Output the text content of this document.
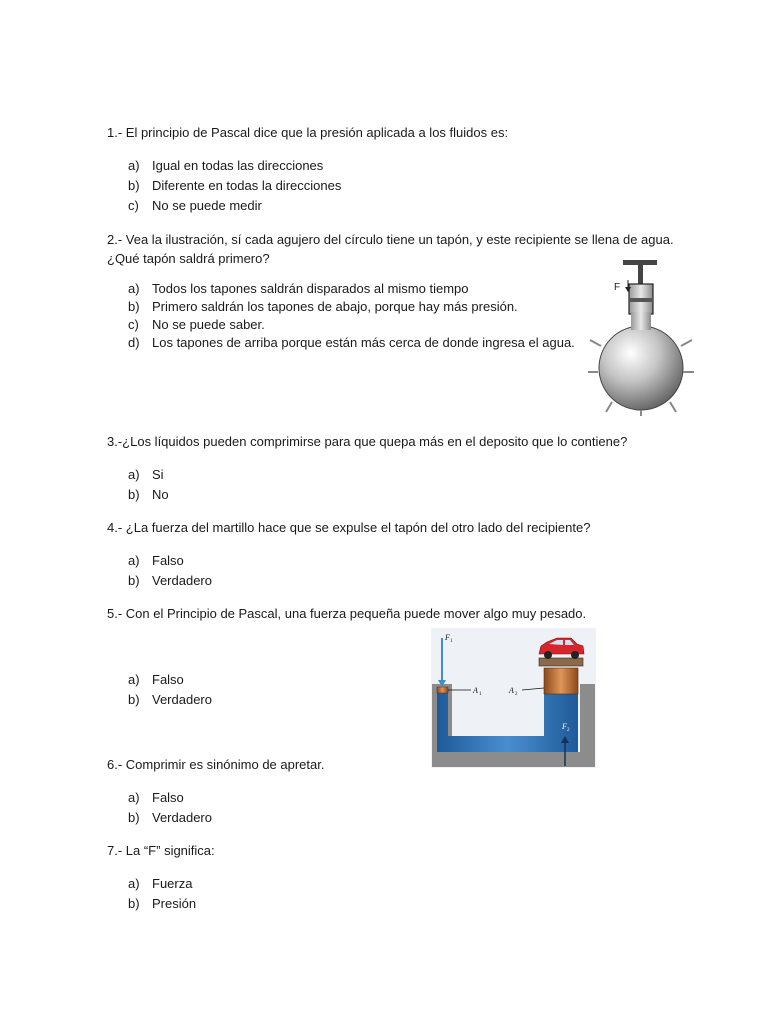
1.- El principio de Pascal dice que la presión aplicada a los fluidos es:
a) Igual en todas las direcciones
b) Diferente en todas la direcciones
c) No se puede medir
2.- Vea la ilustración, sí cada agujero del círculo tiene un tapón, y este recipiente se llena de agua.
¿Qué tapón saldrá primero?
a) Todos los tapones saldrán disparados al mismo tiempo
b) Primero saldrán los tapones de abajo, porque hay más presión.
c) No se puede saber.
d) Los tapones de arriba porque están más cerca de donde ingresa el agua.
F
3.-¿Los líquidos pueden comprimirse para que quepa más en el deposito que lo contiene?
a) Si
b) No
4.- ¿La fuerza del martillo hace que se expulse el tapón del otro lado del recipiente?
a) Falso
b) Verdadero
5.- Con el Principio de Pascal, una fuerza pequeña puede mover algo muy pesado.
a) Falso
b) Verdadero
F 1
A 1	A 2
F 2
6.- Comprimir es sinónimo de apretar.
a) Falso
b) Verdadero
7.- La “F” significa:
a) Fuerza
b) Presión
